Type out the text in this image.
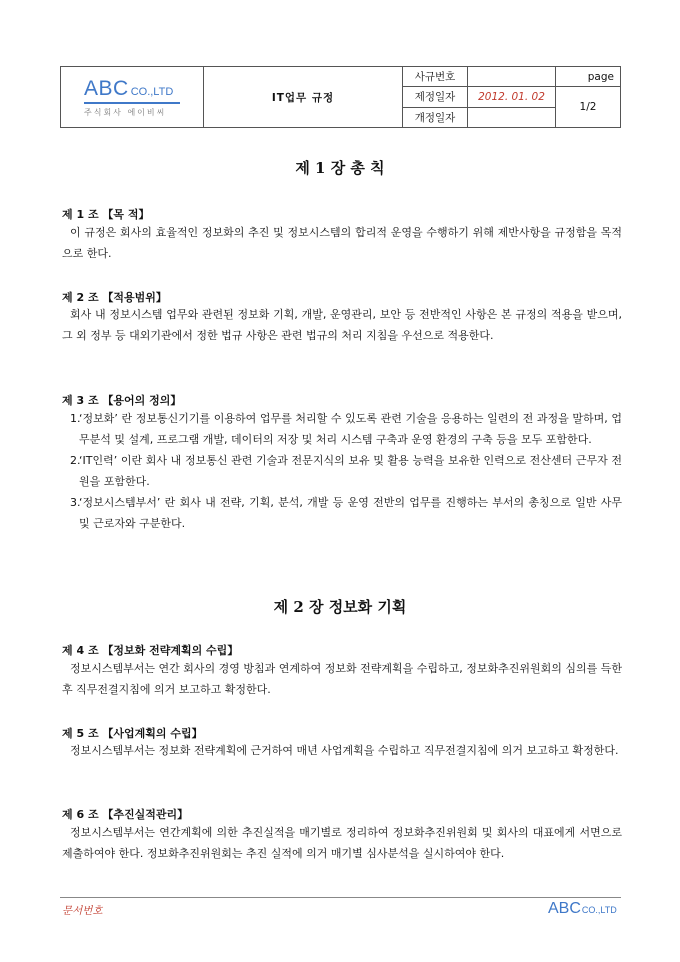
ABC CO.,LTD
주식회사 에이비씨	IT업무 규정	사규번호		page
		제정일자	2012. 01. 02	1/2
		개정일자		
제 1 장 총 칙
제 1 조 【목 적】

이 규정은 회사의 효율적인 정보화의 추진 및 정보시스템의 합리적 운영을 수행하기 위해 제반사항을 규정함을 목적으로 한다.

제 2 조 【적용범위】

회사 내 정보시스템 업무와 관련된 정보화 기획, 개발, 운영관리, 보안 등 전반적인 사항은 본 규정의 적용을 받으며, 그 외 정부 등 대외기관에서 정한 법규 사항은 관련 법규의 처리 지침을 우선으로 적용한다.

제 3 조 【용어의 정의】
1.
‘정보화’ 란 정보통신기기를 이용하여 업무를 처리할 수 있도록 관련 기술을 응용하는 일련의 전 과정을 말하며, 업무분석 및 설계, 프로그램 개발, 데이터의 저장 및 처리 시스템 구축과 운영 환경의 구축 등을 모두 포함한다.
2.
‘IT인력’ 이란 회사 내 정보통신 관련 기술과 전문지식의 보유 및 활용 능력을 보유한 인력으로 전산센터 근무자 전원을 포함한다.
3.
‘정보시스템부서’ 란 회사 내 전략, 기획, 분석, 개발 등 운영 전반의 업무를 진행하는 부서의 총칭으로 일반 사무 및 근로자와 구분한다.
제 2 장 정보화 기획
제 4 조 【정보화 전략계획의 수립】

정보시스템부서는 연간 회사의 경영 방침과 연계하여 정보화 전략계획을 수립하고, 정보화추진위원회의 심의를 득한 후 직무전결지침에 의거 보고하고 확정한다.

제 5 조 【사업계획의 수립】

정보시스템부서는 정보화 전략계획에 근거하여 매년 사업계획을 수립하고 직무전결지침에 의거 보고하고 확정한다.

제 6 조 【추진실적관리】

정보시스템부서는 연간계획에 의한 추진실적을 매기별로 정리하여 정보화추진위원회 및 회사의 대표에게 서면으로 제출하여야 한다. 정보화추진위원회는 추진 실적에 의거 매기별 심사분석을 실시하여야 한다.

문서번호	ABCCO.,LTD
